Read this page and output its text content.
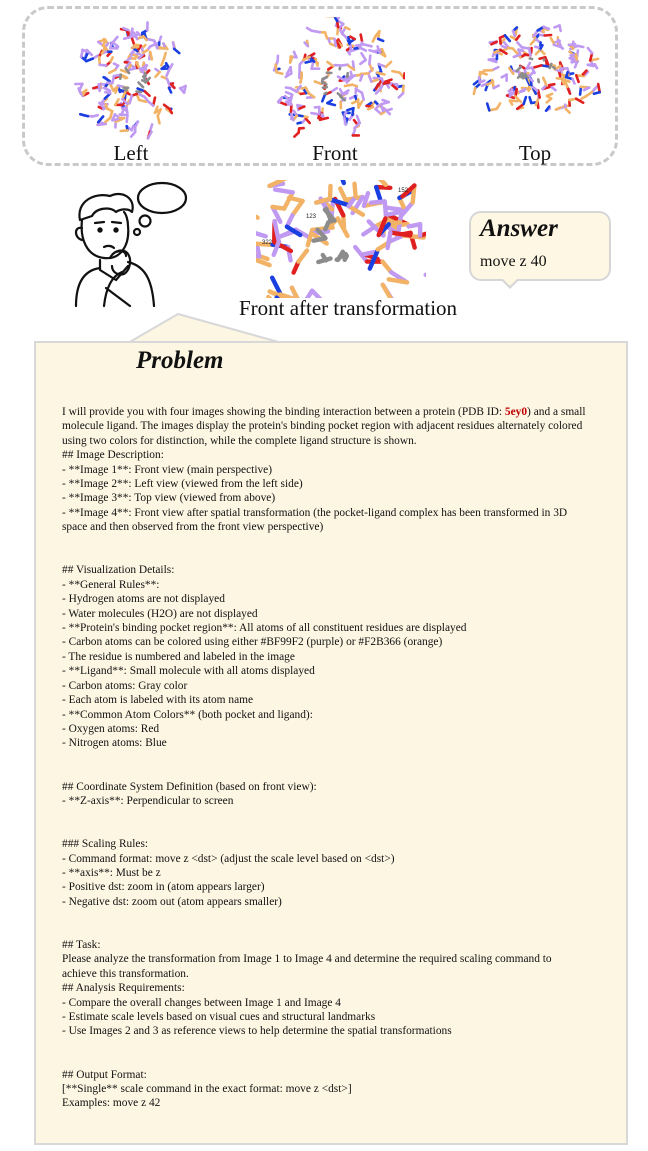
Left	Front	Top
123
152
322
Front after transformation
Answer
move z 40
Problem
I will provide you with four images showing the binding interaction between a protein (PDB ID: 5ey0) and a small
molecule ligand. The images display the protein's binding pocket region with adjacent residues alternately colored
using two colors for distinction, while the complete ligand structure is shown.
## Image Description:
- **Image 1**: Front view (main perspective)
- **Image 2**: Left view (viewed from the left side)
- **Image 3**: Top view (viewed from above)
- **Image 4**: Front view after spatial transformation (the pocket-ligand complex has been transformed in 3D
space and then observed from the front view perspective)
## Visualization Details:
- **General Rules**:
- Hydrogen atoms are not displayed
- Water molecules (H2O) are not displayed
- **Protein's binding pocket region**: All atoms of all constituent residues are displayed
- Carbon atoms can be colored using either #BF99F2 (purple) or #F2B366 (orange)
- The residue is numbered and labeled in the image
- **Ligand**: Small molecule with all atoms displayed
- Carbon atoms: Gray color
- Each atom is labeled with its atom name
- **Common Atom Colors** (both pocket and ligand):
- Oxygen atoms: Red
- Nitrogen atoms: Blue
## Coordinate System Definition (based on front view):
- **Z-axis**: Perpendicular to screen
### Scaling Rules:
- Command format: move z <dst> (adjust the scale level based on <dst>)
- **axis**: Must be z
- Positive dst: zoom in (atom appears larger)
- Negative dst: zoom out (atom appears smaller)
## Task:
Please analyze the transformation from Image 1 to Image 4 and determine the required scaling command to
achieve this transformation.
## Analysis Requirements:
- Compare the overall changes between Image 1 and Image 4
- Estimate scale levels based on visual cues and structural landmarks
- Use Images 2 and 3 as reference views to help determine the spatial transformations
## Output Format:
[**Single** scale command in the exact format: move z <dst>]
Examples: move z 42
